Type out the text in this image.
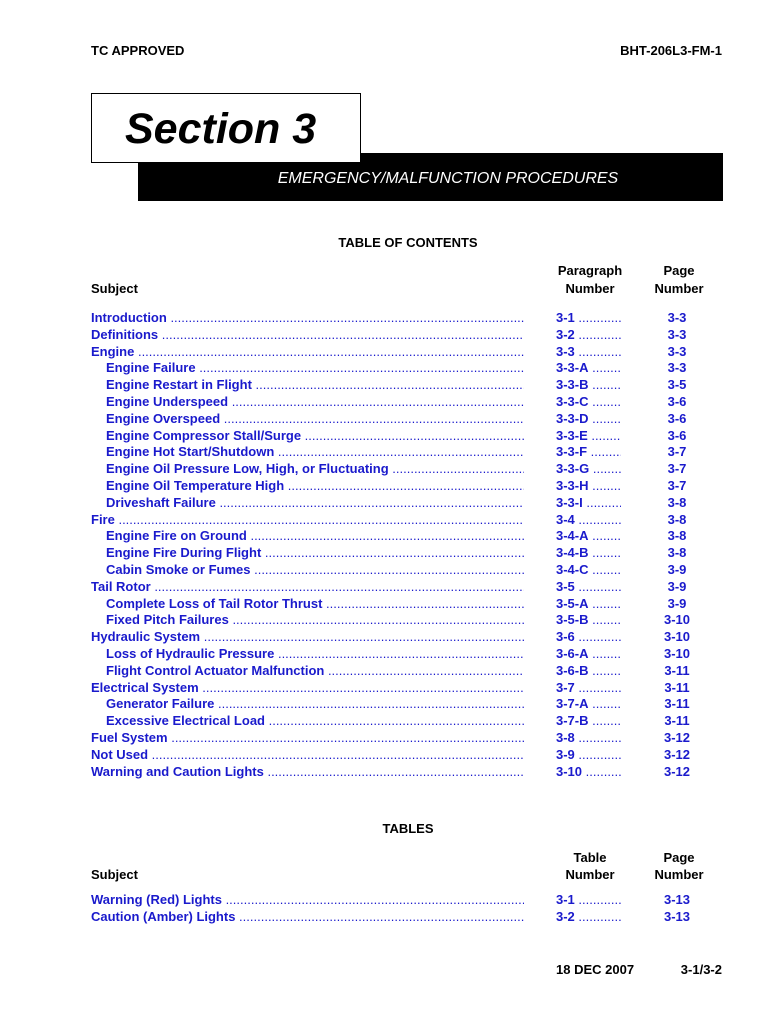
TC APPROVED	BHT-206L3-FM-1
EMERGENCY/MALFUNCTION PROCEDURES
Section 3
TABLE OF CONTENTS
Subject
Paragraph
Number
Page
Number
Introduction .....	3-1 .....	3-3
Definitions .....	3-2 .....	3-3
Engine .....	3-3 .....	3-3
Engine Failure .....	3-3-A .....	3-3
Engine Restart in Flight .....	3-3-B .....	3-5
Engine Underspeed .....	3-3-C .....	3-6
Engine Overspeed .....	3-3-D .....	3-6
Engine Compressor Stall/Surge .....	3-3-E .....	3-6
Engine Hot Start/Shutdown .....	3-3-F .....	3-7
Engine Oil Pressure Low, High, or Fluctuating .....	3-3-G .....	3-7
Engine Oil Temperature High .....	3-3-H .....	3-7
Driveshaft Failure .....	3-3-I .....	3-8
Fire .....	3-4 .....	3-8
Engine Fire on Ground .....	3-4-A .....	3-8
Engine Fire During Flight .....	3-4-B .....	3-8
Cabin Smoke or Fumes .....	3-4-C .....	3-9
Tail Rotor .....	3-5 .....	3-9
Complete Loss of Tail Rotor Thrust .....	3-5-A .....	3-9
Fixed Pitch Failures .....	3-5-B .....	3-10
Hydraulic System .....	3-6 .....	3-10
Loss of Hydraulic Pressure .....	3-6-A .....	3-10
Flight Control Actuator Malfunction .....	3-6-B .....	3-11
Electrical System .....	3-7 .....	3-11
Generator Failure .....	3-7-A .....	3-11
Excessive Electrical Load .....	3-7-B .....	3-11
Fuel System .....	3-8 .....	3-12
Not Used .....	3-9 .....	3-12
Warning and Caution Lights .....	3-10 .....	3-12
TABLES
Subject
Table
Number
Page
Number
Warning (Red) Lights .....	3-1 .....	3-13
Caution (Amber) Lights .....	3-2 .....	3-13
18 DEC 2007	3-1/3-2
